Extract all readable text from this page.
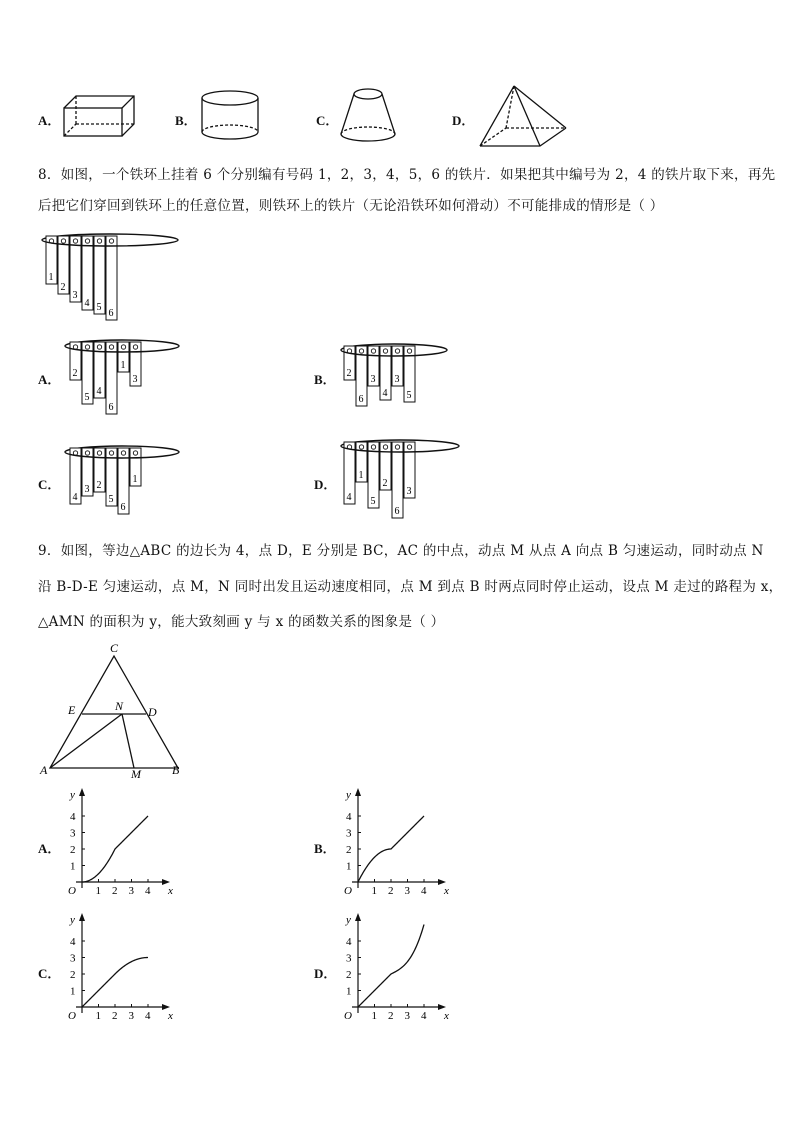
A．	B．	C．	D．
8．如图，一个铁环上挂着 6 个分别编有号码 1，2，3，4，5，6 的铁片．如果把其中编号为 2，4 的铁片取下来，再先
后把它们穿回到铁环上的任意位置，则铁环上的铁片（无论沿铁环如何滑动）不可能排成的情形是（ ）
1
2
3
4 5
6
A． 2
5
4
6
1
3	B． 2
6
3
4
3
5
C．
4
3 2
5
6
1	D．
4
1
5
2
6
3
9．如图，等边△ABC 的边长为 4，点 D，E 分别是 BC，AC 的中点，动点 M 从点 A 向点 B 匀速运动，同时动点 N
沿 B-D-E 匀速运动，点 M，N 同时出发且运动速度相同，点 M 到点 B 时两点同时停止运动，设点 M 走过的路程为 x，
△AMN 的面积为 y，能大致刻画 y 与 x 的函数关系的图象是（ ）
C
E	N D
A	M	B
A．
y
x
O 1 2 3 4
1
2
3
4
B．
y
x
O 1 2 3 4
1
2
3
4
C．
y
x
O 1 2 3 4
1
2
3
4
D．
y
x
O 1 2 3 4
1
2
3
4
